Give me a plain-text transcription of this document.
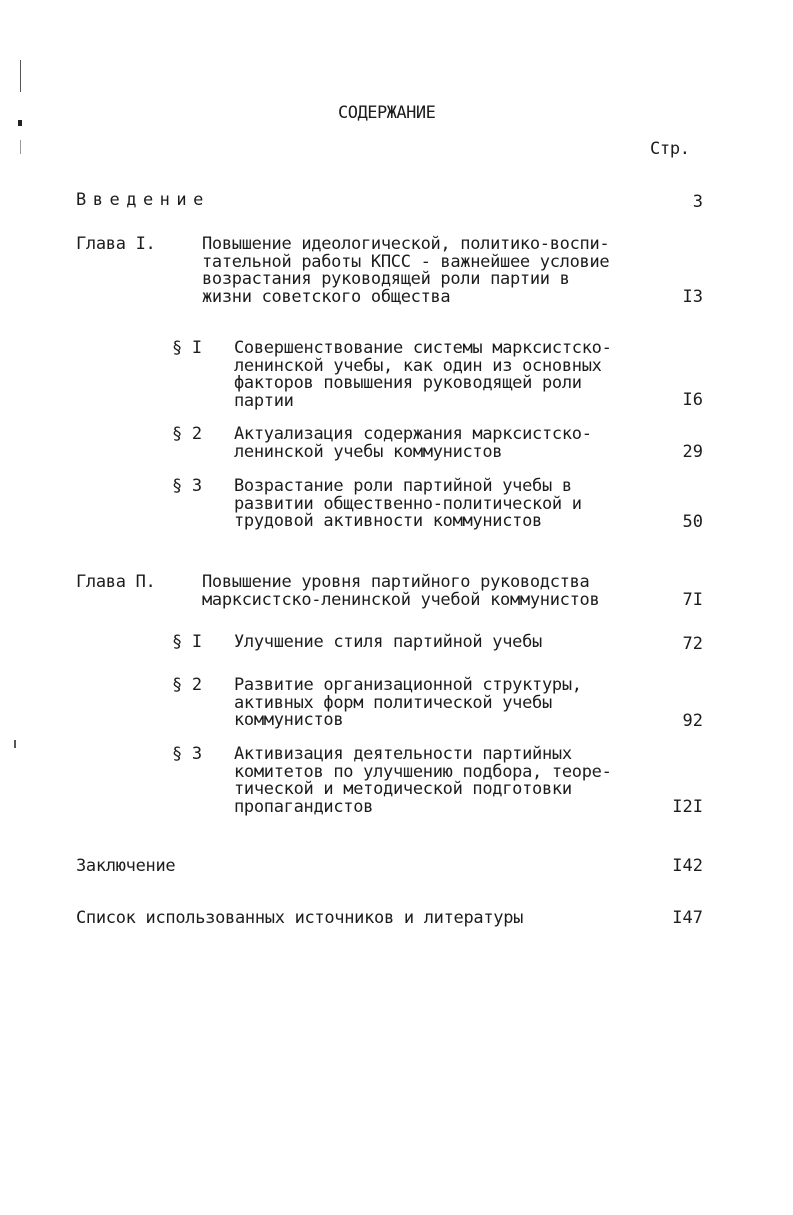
СОДЕРЖАНИЕ
Стр.
Введение	3
Глава I.	Повышение идеологической, политико-воспи-
тательной работы КПСС - важнейшее условие
возрастания руководящей роли партии в
жизни советского общества	I3
§ I Совершенствование системы марксистско-
ленинской учебы, как один из основных
факторов повышения руководящей роли
партии	I6
§ 2 Актуализация содержания марксистско-
ленинской учебы коммунистов	29
§ 3 Возрастание роли партийной учебы в
развитии общественно-политической и
трудовой активности коммунистов	50
Глава П.	Повышение уровня партийного руководства
марксистско-ленинской учебой коммунистов	7I
§ I Улучшение стиля партийной учебы	72
§ 2 Развитие организационной структуры,
активных форм политической учебы
коммунистов	92
§ 3 Активизация деятельности партийных
комитетов по улучшению подбора, теоре-
тической и методической подготовки
пропагандистов	I2I
Заключение	I42
Список использованных источников и литературы	I47
